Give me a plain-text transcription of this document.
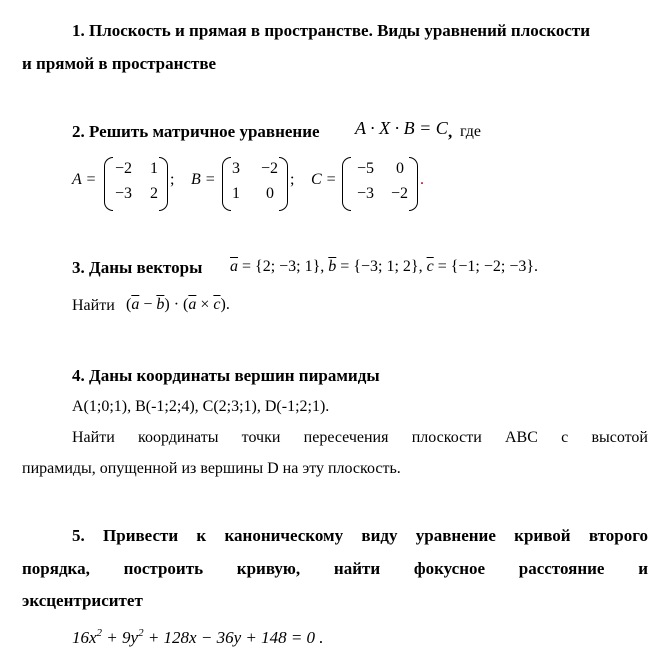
1. Плоскость и прямая в пространстве. Виды уравнений плоскости
и прямой в пространстве
2. Решить матричное уравнение A · X · B = C , где
A =
−2 1
−3 2
; B =
3 −2
1 0
; C =
−5 0
−3 −2
.
3. Даны векторы $\overline{a} = \{2$; −3; 1}, $\overline{b} = \{-3$; 1; 2}, $\overline{c} = \{-1$; −2; −3}.
Найти $(\overline{a} - \overline{b}) \cdot (\overline{a} \times \overline{c})$.
4. Даны координаты вершин пирамиды
A(1;0;1), B(-1;2;4), C(2;3;1), D(-1;2;1).
Найти координаты точки пересечения плоскости ABC с высотой
пирамиды, опущенной из вершины D на эту плоскость.
5. Привести к каноническому виду уравнение кривой второго
порядка, построить кривую, найти фокусное расстояние и
эксцентриситет
$16x^2 + 9y^2 + 128x - 36y + 148 = 0$ .
